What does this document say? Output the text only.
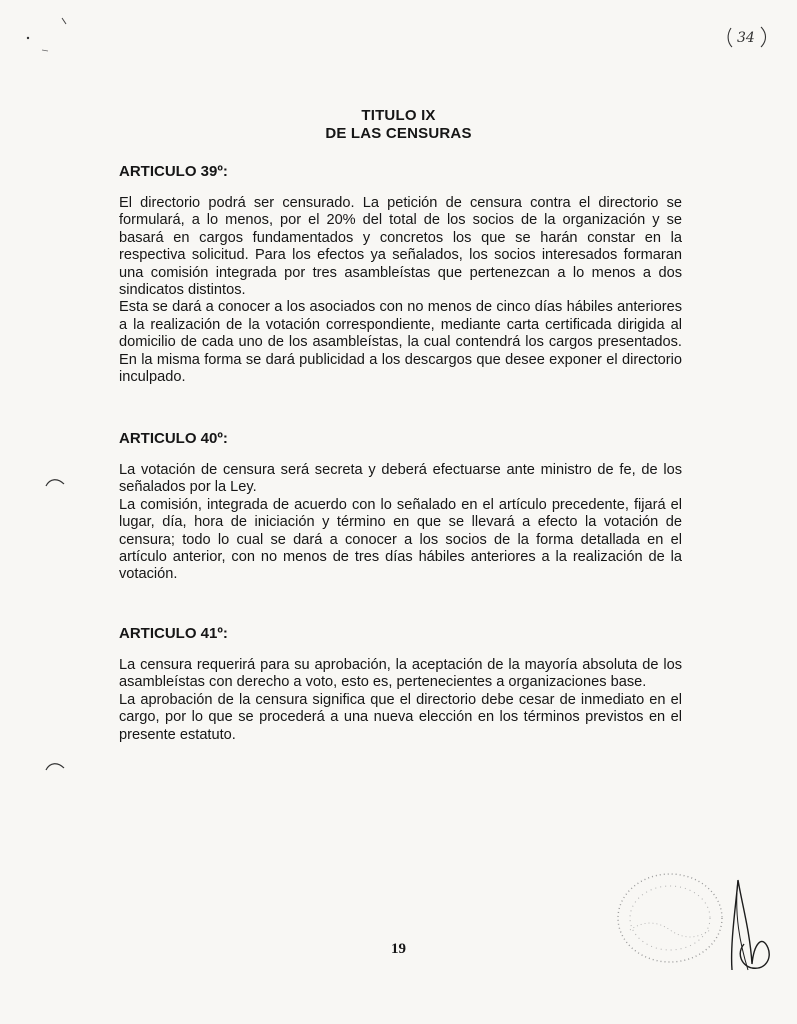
34
TITULO IX
DE LAS CENSURAS
ARTICULO 39º:

El directorio podrá ser censurado. La petición de censura contra el directorio se formulará, a lo menos, por el 20% del total de los socios de la organización y se basará en cargos fundamentados y concretos los que se harán constar en la respectiva solicitud. Para los efectos ya señalados, los socios interesados formaran una comisión integrada por tres asambleístas que pertenezcan a lo menos a dos sindicatos distintos.

Esta se dará a conocer a los asociados con no menos de cinco días hábiles anteriores a la realización de la votación correspondiente, mediante carta certificada dirigida al domicilio de cada uno de los asambleístas, la cual contendrá los cargos presentados. En la misma forma se dará publicidad a los descargos que desee exponer el directorio inculpado.

ARTICULO 40º:

La votación de censura será secreta y deberá efectuarse ante ministro de fe, de los señalados por la Ley.

La comisión, integrada de acuerdo con lo señalado en el artículo precedente, fijará el lugar, día, hora de iniciación y término en que se llevará a efecto la votación de censura; todo lo cual se dará a conocer a los socios de la forma detallada en el artículo anterior, con no menos de tres días hábiles anteriores a la realización de la votación.

ARTICULO 41º:

La censura requerirá para su aprobación, la aceptación de la mayoría absoluta de los asambleístas con derecho a voto, esto es, pertenecientes a organizaciones base.

La aprobación de la censura significa que el directorio debe cesar de inmediato en el cargo, por lo que se procederá a una nueva elección en los términos previstos en el presente estatuto.

19
